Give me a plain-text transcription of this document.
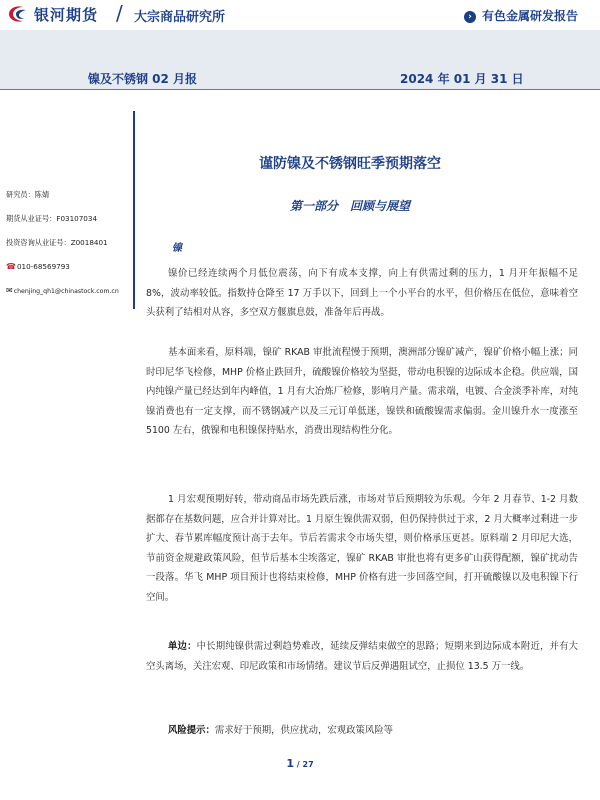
银河期货 / 大宗商品研究所	› 有色金属研发报告
镍及不锈钢 02 月报	2024 年 01 月 31 日
研究员：陈婧
期货从业证号：F03107034
投资咨询从业证号：Z0018401
☎010-68569793
✉chenjing_qh1@chinastock.com.cn
谨防镍及不锈钢旺季预期落空
第一部分　回顾与展望
镍
镍价已经连续两个月低位震荡，向下有成本支撑，向上有供需过剩的压力，1 月开年振幅不足 8%，波动率较低。指数持仓降至 17 万手以下，回到上一个小平台的水平，但价格压在低位，意味着空头获利了结相对从容，多空双方偃旗息鼓，准备年后再战。
基本面来看，原料端，镍矿 RKAB 审批流程慢于预期，澳洲部分镍矿减产，镍矿价格小幅上涨；同时印尼华飞检修，MHP 价格止跌回升，硫酸镍价格较为坚挺，带动电积镍的边际成本企稳。供应端，国内纯镍产量已经达到年内峰值，1 月有大冶炼厂检修，影响月产量。需求端，电镀、合金淡季补库，对纯镍消费也有一定支撑，而不锈钢减产以及三元订单低迷，镍铁和硫酸镍需求偏弱。金川镍升水一度涨至 5100 左右，俄镍和电积镍保持贴水，消费出现结构性分化。
1 月宏观预期好转，带动商品市场先跌后涨，市场对节后预期较为乐观。今年 2 月春节、1-2 月数据都存在基数问题，应合并计算对比。1 月原生镍供需双弱，但仍保持供过于求，2 月大概率过剩进一步扩大、春节累库幅度预计高于去年。节后若需求令市场失望，则价格承压更甚。原料端 2 月印尼大选，节前资金规避政策风险，但节后基本尘埃落定，镍矿 RKAB 审批也将有更多矿山获得配额，镍矿扰动告一段落。华飞 MHP 项目预计也将结束检修，MHP 价格有进一步回落空间，打开硫酸镍以及电积镍下行空间。
单边：中长期纯镍供需过剩趋势难改，延续反弹结束做空的思路；短期来到边际成本附近，并有大空头离场，关注宏观、印尼政策和市场情绪。建议节后反弹遇阻试空，止损位 13.5 万一线。
风险提示：需求好于预期，供应扰动，宏观政策风险等
1 / 27
